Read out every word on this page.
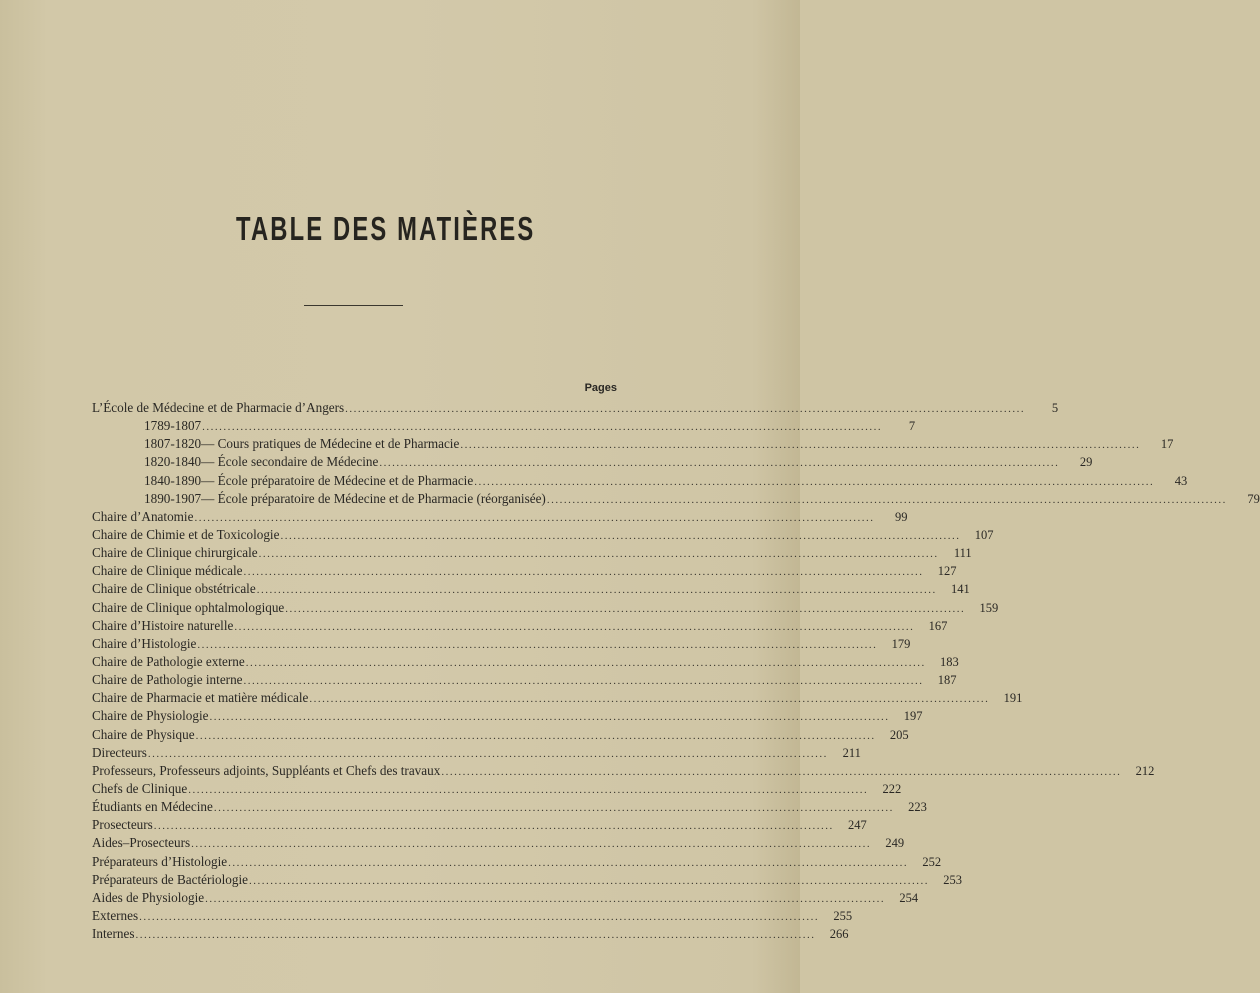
TABLE DES MATIÈRES
Pages
L’École de Médecine et de Pharmacie d’Angers ................................................................................................................................................................	5
1789-1807 ................................................................................................................................................................	7
1807-1820 — Cours pratiques de Médecine et de Pharmacie ................................................................................................................................................................	17
1820-1840 — École secondaire de Médecine ................................................................................................................................................................	29
1840-1890 — École préparatoire de Médecine et de Pharmacie ................................................................................................................................................................	43
1890-1907 — École préparatoire de Médecine et de Pharmacie (réorganisée) ................................................................................................................................................................	79
Chaire d’Anatomie ................................................................................................................................................................	99
Chaire de Chimie et de Toxicologie ................................................................................................................................................................	107
Chaire de Clinique chirurgicale ................................................................................................................................................................	111
Chaire de Clinique médicale ................................................................................................................................................................	127
Chaire de Clinique obstétricale ................................................................................................................................................................	141
Chaire de Clinique ophtalmologique ................................................................................................................................................................	159
Chaire d’Histoire naturelle ................................................................................................................................................................	167
Chaire d’Histologie ................................................................................................................................................................	179
Chaire de Pathologie externe ................................................................................................................................................................	183
Chaire de Pathologie interne ................................................................................................................................................................	187
Chaire de Pharmacie et matière médicale ................................................................................................................................................................	191
Chaire de Physiologie ................................................................................................................................................................	197
Chaire de Physique ................................................................................................................................................................	205
Directeurs ................................................................................................................................................................	211
Professeurs, Professeurs adjoints, Suppléants et Chefs des travaux ................................................................................................................................................................	212
Chefs de Clinique ................................................................................................................................................................	222
Étudiants en Médecine ................................................................................................................................................................	223
Prosecteurs ................................................................................................................................................................	247
Aides–Prosecteurs ................................................................................................................................................................	249
Préparateurs d’Histologie ................................................................................................................................................................	252
Préparateurs de Bactériologie ................................................................................................................................................................	253
Aides de Physiologie ................................................................................................................................................................	254
Externes ................................................................................................................................................................	255
Internes ................................................................................................................................................................	266
